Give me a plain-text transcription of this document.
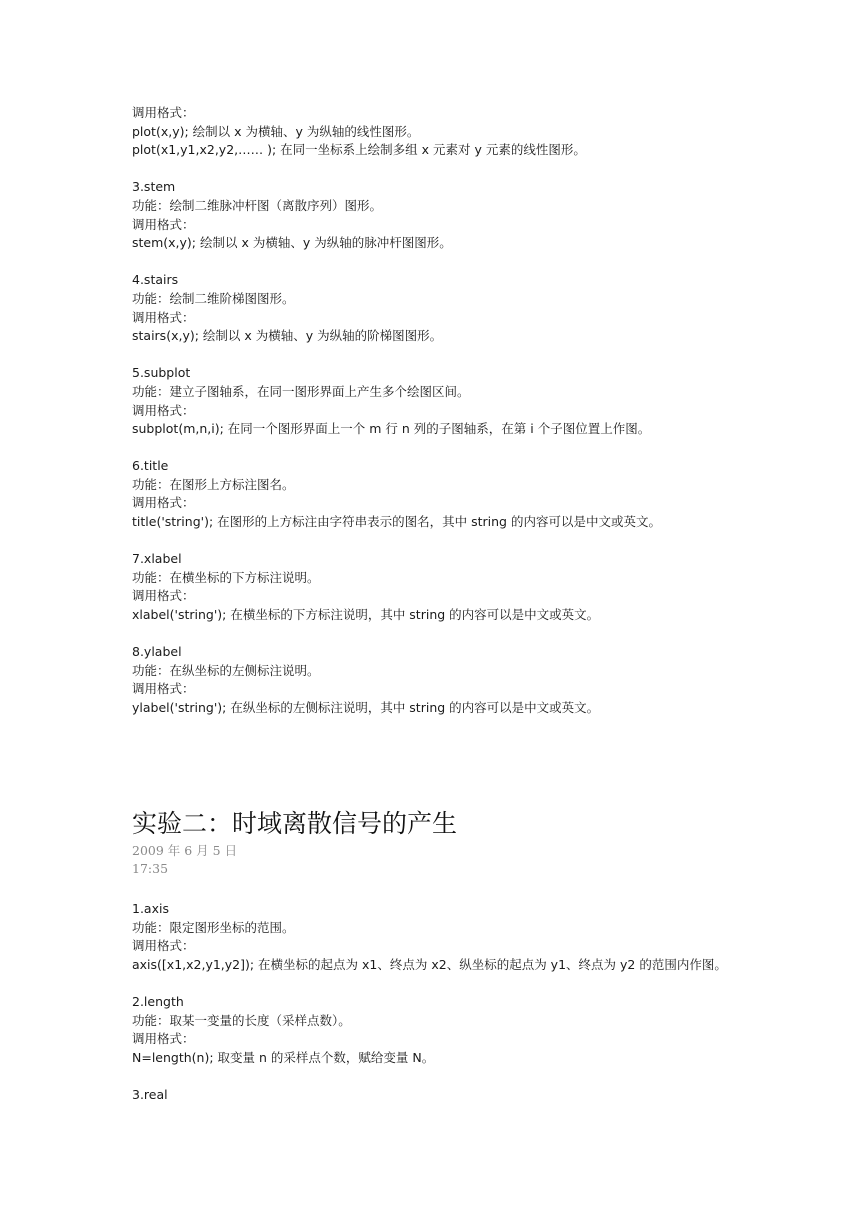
调用格式：
plot(x,y); 绘制以 x 为横轴、y 为纵轴的线性图形。
plot(x1,y1,x2,y2,…… ); 在同一坐标系上绘制多组 x 元素对 y 元素的线性图形。
3.stem
功能：绘制二维脉冲杆图（离散序列）图形。
调用格式：
stem(x,y); 绘制以 x 为横轴、y 为纵轴的脉冲杆图图形。
4.stairs
功能：绘制二维阶梯图图形。
调用格式：
stairs(x,y); 绘制以 x 为横轴、y 为纵轴的阶梯图图形。
5.subplot
功能：建立子图轴系，在同一图形界面上产生多个绘图区间。
调用格式：
subplot(m,n,i); 在同一个图形界面上一个 m 行 n 列的子图轴系，在第 i 个子图位置上作图。
6.title
功能：在图形上方标注图名。
调用格式：
title('string'); 在图形的上方标注由字符串表示的图名，其中 string 的内容可以是中文或英文。
7.xlabel
功能：在横坐标的下方标注说明。
调用格式：
xlabel('string'); 在横坐标的下方标注说明，其中 string 的内容可以是中文或英文。
8.ylabel
功能：在纵坐标的左侧标注说明。
调用格式：
ylabel('string'); 在纵坐标的左侧标注说明，其中 string 的内容可以是中文或英文。
实验二：时域离散信号的产生
2009 年 6 月 5 日
17:35
1.axis
功能：限定图形坐标的范围。
调用格式：
axis([x1,x2,y1,y2]); 在横坐标的起点为 x1、终点为 x2、纵坐标的起点为 y1、终点为 y2 的范围内作图。
2.length
功能：取某一变量的长度（采样点数）。
调用格式：
N=length(n); 取变量 n 的采样点个数，赋给变量 N。
3.real
